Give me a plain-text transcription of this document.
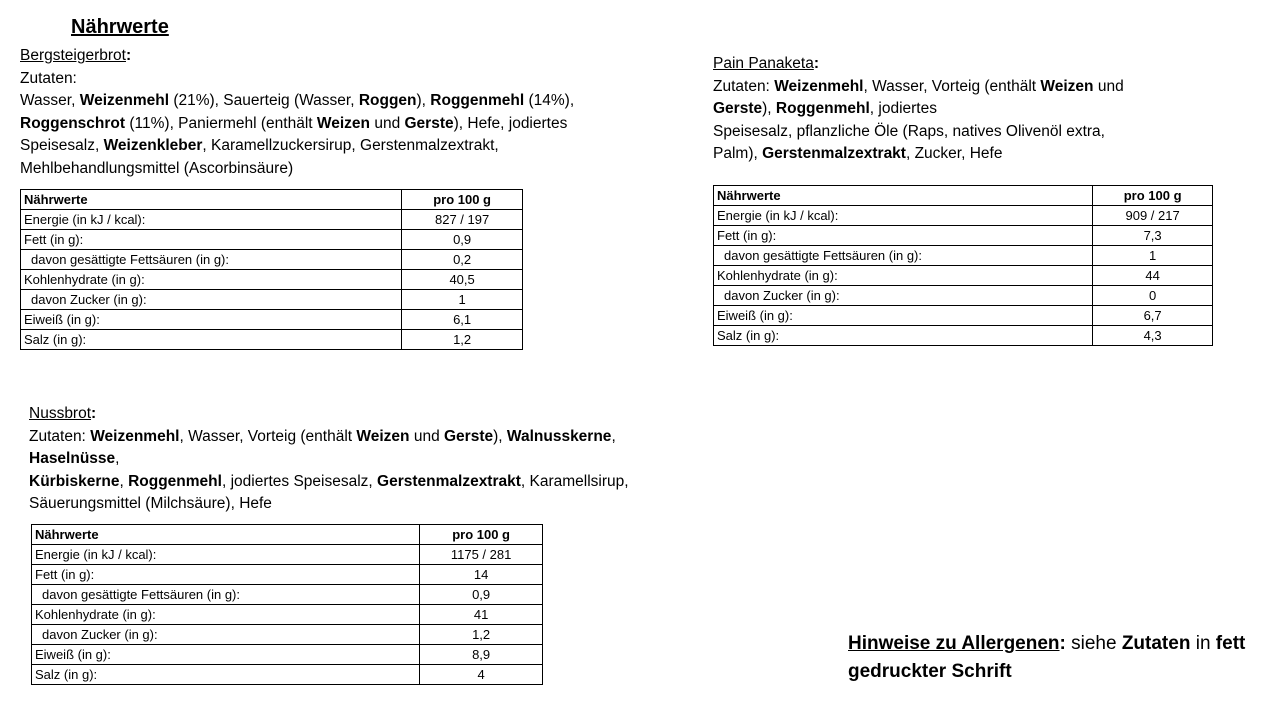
Nährwerte

Bergsteigerbrot:

Zutaten:

Wasser, Weizenmehl (21%), Sauerteig (Wasser, Roggen), Roggenmehl (14%), Roggenschrot (11%), Paniermehl (enthält Weizen und Gerste), Hefe, jodiertes Speisesalz, Weizenkleber, Karamellzuckersirup, Gerstenmalzextrakt, Mehlbehandlungsmittel (Ascorbinsäure)

Nährwerte	pro 100 g
Energie (in kJ / kcal):	827 / 197
Fett (in g):	0,9
davon gesättigte Fettsäuren (in g):	0,2
Kohlenhydrate (in g):	40,5
davon Zucker (in g):	1
Eiweiß (in g):	6,1
Salz (in g):	1,2

Pain Panaketa:

Zutaten: Weizenmehl, Wasser, Vorteig (enthält Weizen und Gerste), Roggenmehl, jodiertes
Speisesalz, pflanzliche Öle (Raps, natives Olivenöl extra, Palm), Gerstenmalzextrakt, Zucker, Hefe

Nährwerte	pro 100 g
Energie (in kJ / kcal):	909 / 217
Fett (in g):	7,3
davon gesättigte Fettsäuren (in g):	1
Kohlenhydrate (in g):	44
davon Zucker (in g):	0
Eiweiß (in g):	6,7
Salz (in g):	4,3

Nussbrot:

Zutaten: Weizenmehl, Wasser, Vorteig (enthält Weizen und Gerste), Walnusskerne,
Haselnüsse,
Kürbiskerne, Roggenmehl, jodiertes Speisesalz, Gerstenmalzextrakt, Karamellsirup, Säuerungsmittel (Milchsäure), Hefe

Nährwerte	pro 100 g
Energie (in kJ / kcal):	1175 / 281
Fett (in g):	14
davon gesättigte Fettsäuren (in g):	0,9
Kohlenhydrate (in g):	41
davon Zucker (in g):	1,2
Eiweiß (in g):	8,9
Salz (in g):	4
Hinweise zu Allergenen: siehe Zutaten in fett gedruckter Schrift
